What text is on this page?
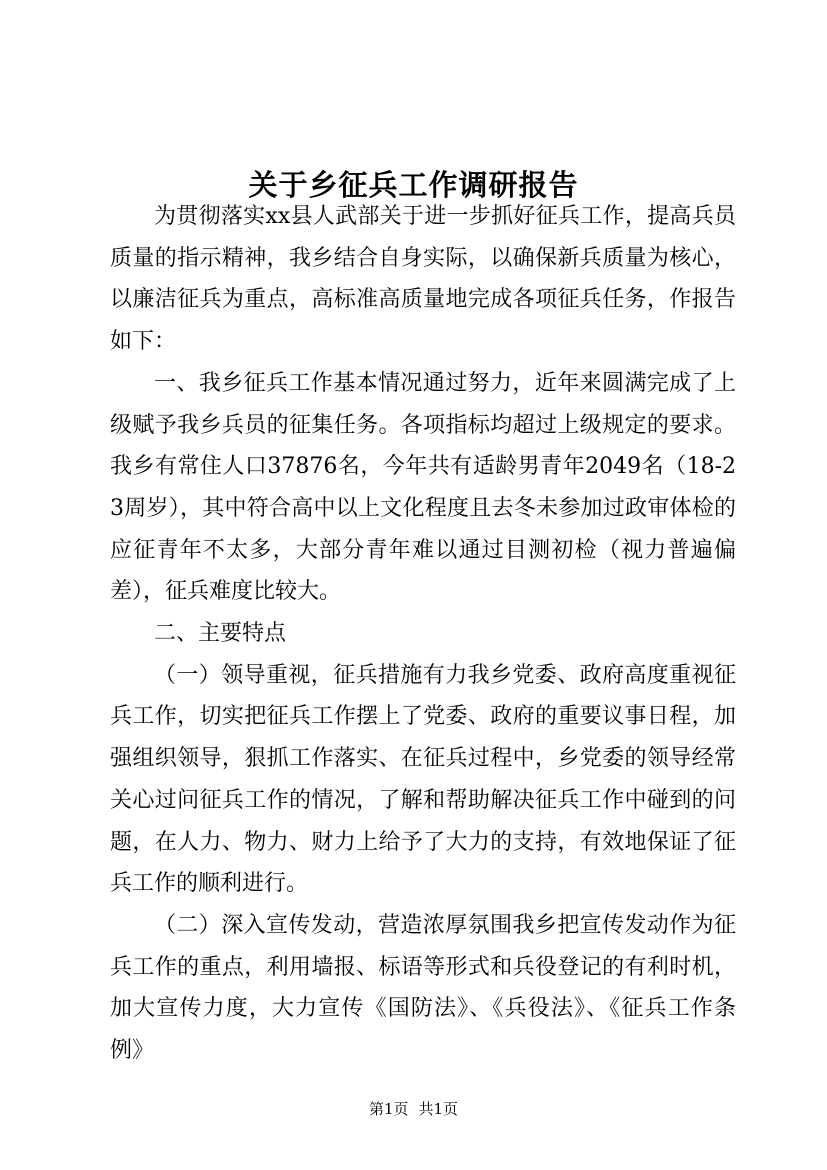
关于乡征兵工作调研报告

为贯彻落实xx县人武部关于进一步抓好征兵工作，提高兵员质量的指示精神，我乡结合自身实际，以确保新兵质量为核心，以廉洁征兵为重点，高标准高质量地完成各项征兵任务，作报告如下：

一、我乡征兵工作基本情况通过努力，近年来圆满完成了上级赋予我乡兵员的征集任务。各项指标均超过上级规定的要求。我乡有常住人口37876名，今年共有适龄男青年2049名（18-23周岁），其中符合高中以上文化程度且去冬未参加过政审体检的应征青年不太多，大部分青年难以通过目测初检（视力普遍偏差），征兵难度比较大。

二、主要特点

（一）领导重视，征兵措施有力我乡党委、政府高度重视征兵工作，切实把征兵工作摆上了党委、政府的重要议事日程，加强组织领导，狠抓工作落实、在征兵过程中，乡党委的领导经常关心过问征兵工作的情况，了解和帮助解决征兵工作中碰到的问题，在人力、物力、财力上给予了大力的支持，有效地保证了征兵工作的顺利进行。

（二）深入宣传发动，营造浓厚氛围我乡把宣传发动作为征兵工作的重点，利用墙报、标语等形式和兵役登记的有利时机，加大宣传力度，大力宣传《国防法》、《兵役法》、《征兵工作条例》

第1页 共1页
